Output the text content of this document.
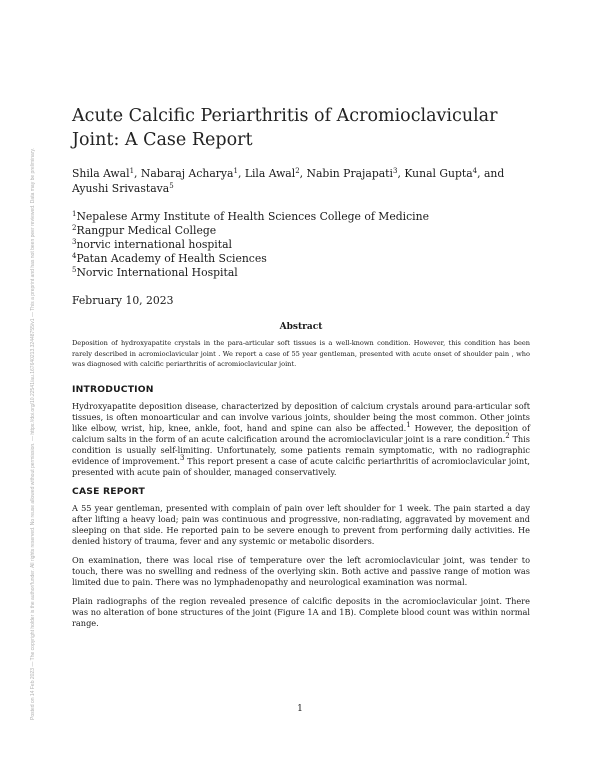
Posted on 14 Feb 2023 — The copyright holder is the author/funder. All rights reserved. No reuse allowed without permission. — https://doi.org/10.22541/au.167640213.32448755/v1 — This a preprint and has not been peer reviewed. Data may be preliminary.
Acute Calcific Periarthritis of Acromioclavicular Joint: A Case Report
Shila Awal$^1$, Nabaraj Acharya$^1$, Lila Awal$^2$, Nabin Prajapati$^3$, Kunal Gupta$^4$, and Ayushi Srivastava$^5$
$^1$Nepalese Army Institute of Health Sciences College of Medicine
$^2$Rangpur Medical College
$^3$norvic international hospital
$^4$Patan Academy of Health Sciences
$^5$Norvic International Hospital
February 10, 2023
Abstract
Deposition of hydroxyapatite crystals in the para-articular soft tissues is a well-known condition. However, this condition has been rarely described in acromioclavicular joint . We report a case of 55 year gentleman, presented with acute onset of shoulder pain , who was diagnosed with calcific periarthritis of acromioclavicular joint.
INTRODUCTION

Hydroxyapatite deposition disease, characterized by deposition of calcium crystals around para-articular soft tissues, is often monoarticular and can involve various joints, shoulder being the most common. Other joints like elbow, wrist, hip, knee, ankle, foot, hand and spine can also be affected.$^1$ However, the deposition of calcium salts in the form of an acute calcification around the acromioclavicular joint is a rare condition.$^2$ This condition is usually self-limiting. Unfortunately, some patients remain symptomatic, with no radiographic evidence of improvement.$^3$ This report present a case of acute calcific periarthritis of acromioclavicular joint, presented with acute pain of shoulder, managed conservatively.

CASE REPORT

A 55 year gentleman, presented with complain of pain over left shoulder for 1 week. The pain started a day after lifting a heavy load; pain was continuous and progressive, non-radiating, aggravated by movement and sleeping on that side. He reported pain to be severe enough to prevent from performing daily activities. He denied history of trauma, fever and any systemic or metabolic disorders.

On examination, there was local rise of temperature over the left acromioclavicular joint, was tender to touch, there was no swelling and redness of the overlying skin. Both active and passive range of motion was limited due to pain. There was no lymphadenopathy and neurological examination was normal.

Plain radiographs of the region revealed presence of calcific deposits in the acromioclavicular joint. There was no alteration of bone structures of the joint (Figure 1A and 1B). Complete blood count was within normal range.

1
